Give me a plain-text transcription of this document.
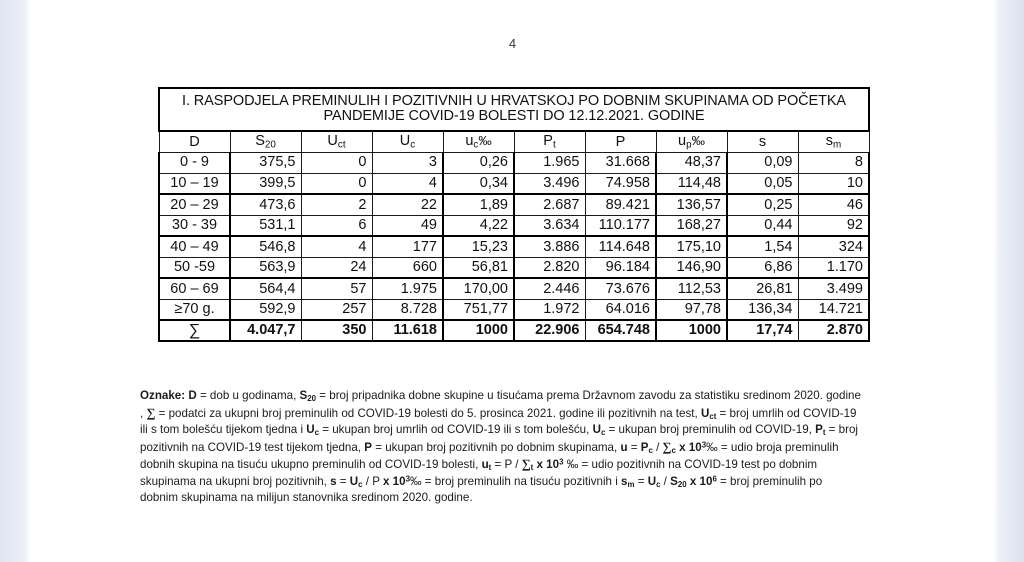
4
I. RASPODJELA PREMINULIH I POZITIVNIH U HRVATSKOJ PO DOBNIM SKUPINAMA OD POČETKA PANDEMIJE COVID-19 BOLESTI DO 12.12.2021. GODINE									
D	$S_{20}$	$U_{ct}$	$U_c$	$u_c‰$	$P_t$	P	$u_p‰$	s	$s_m$
0 - 9	375,5	0	3	0,26	1.965	31.668	48,37	0,09	8
10 – 19	399,5	0	4	0,34	3.496	74.958	114,48	0,05	10
20 – 29	473,6	2	22	1,89	2.687	89.421	136,57	0,25	46
30 - 39	531,1	6	49	4,22	3.634	110.177	168,27	0,44	92
40 – 49	546,8	4	177	15,23	3.886	114.648	175,10	1,54	324
50 -59	563,9	24	660	56,81	2.820	96.184	146,90	6,86	1.170
60 – 69	564,4	57	1.975	170,00	2.446	73.676	112,53	26,81	3.499
≥70 g.	592,9	257	8.728	751,77	1.972	64.016	97,78	136,34	14.721
∑	4.047,7	350	11.618	1000	22.906	654.748	1000	17,74	2.870
Oznake: D = dob u godinama, $S_{20}$ = broj pripadnika dobne skupine u tisućama prema Državnom zavodu za statistiku sredinom 2020. godine , ∑ = podatci za ukupni broj preminulih od COVID-19 bolesti do 5. prosinca 2021. godine ili pozitivnih na test, $U_{ct}$ = broj umrlih od COVID-19 ili s tom bolešću tijekom tjedna i $U_c$ = ukupan broj umrlih od COVID-19 ili s tom bolešću, $U_c$ = ukupan broj preminulih od COVID-19, $P_t$ = broj pozitivnih na COVID-19 test tijekom tjedna, P = ukupan broj pozitivnih po dobnim skupinama, $u = P_c / \sum_c$ x $10^3‰$ = udio broja preminulih dobnih skupina na tisuću ukupno preminulih od COVID-19 bolesti, $u_t = P / \sum_t$ x $10^3$ ‰ = udio pozitivnih na COVID-19 test po dobnim skupinama na ukupni broj pozitivnih, $s = U_c / P$ x $10^3‰$ = broj preminulih na tisuću pozitivnih i $s_m = U_c / S_{20}$ x $10^6$ = broj preminulih po dobnim skupinama na milijun stanovnika sredinom 2020. godine.
